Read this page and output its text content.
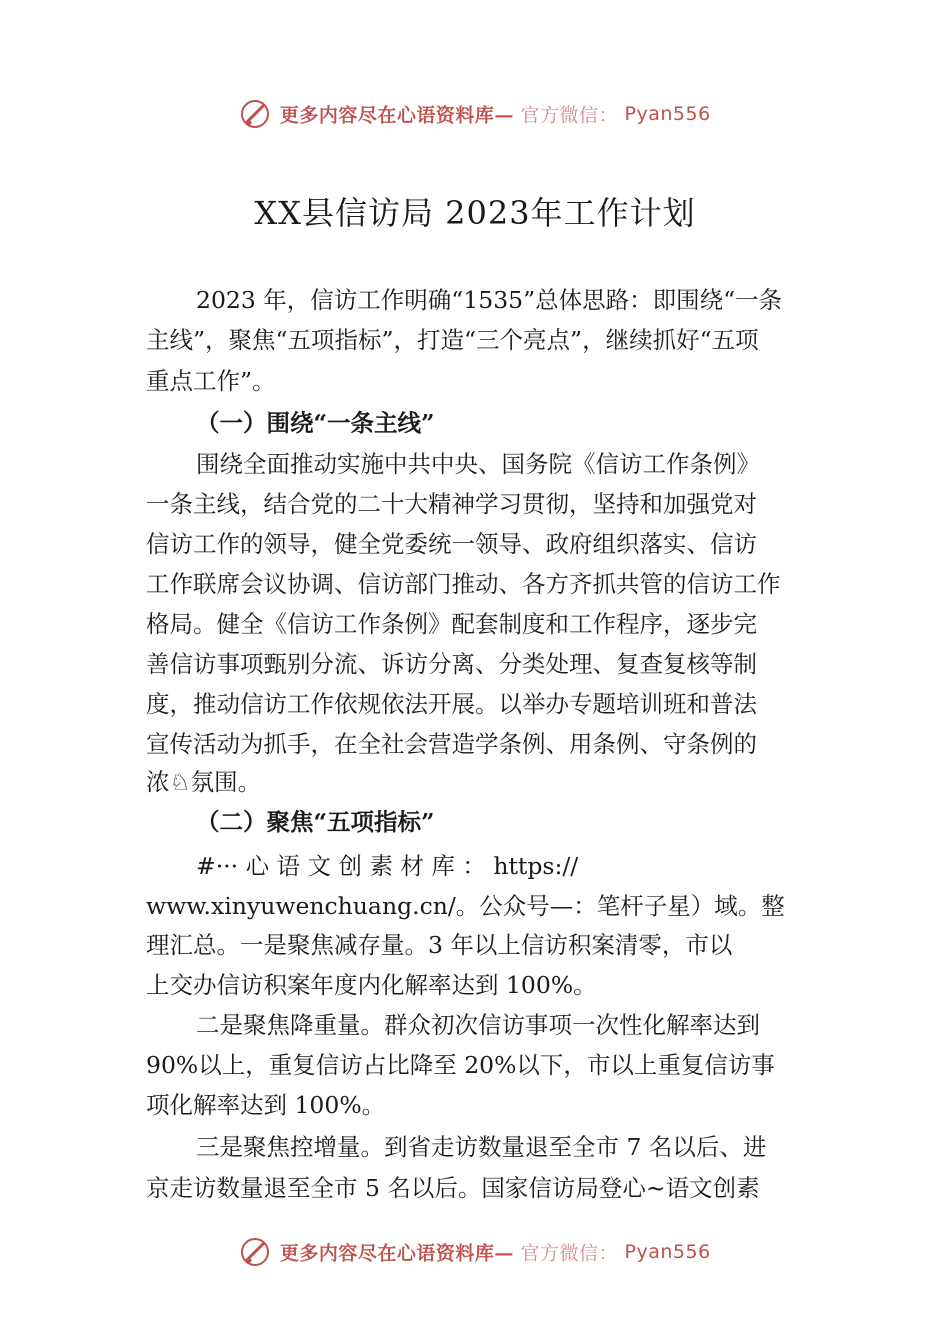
更多内容尽在心语资料库— 官方微信： Pyan556
XX县信访局 2023年工作计划
2023 年，信访工作明确“1535”总体思路：即围绕“一条
主线”，聚焦“五项指标”，打造“三个亮点”，继续抓好“五项
重点工作”。
（一）围绕“一条主线”
围绕全面推动实施中共中央、国务院《信访工作条例》
一条主线，结合党的二十大精神学习贯彻，坚持和加强党对
信访工作的领导，健全党委统一领导、政府组织落实、信访
工作联席会议协调、信访部门推动、各方齐抓共管的信访工作
格局。健全《信访工作条例》配套制度和工作程序，逐步完
善信访事项甄别分流、诉访分离、分类处理、复查复核等制
度，推动信访工作依规依法开展。以举办专题培训班和普法
宣传活动为抓手，在全社会营造学条例、用条例、守条例的
浓♘氛围。
（二）聚焦“五项指标”
#··· 心 语 文 创 素 材 库 ： https://
www.xinyuwenchuang.cn/。公众号—：笔杆子星）域。整
理汇总。一是聚焦减存量。3 年以上信访积案清零，市以
上交办信访积案年度内化解率达到 100%。
二是聚焦降重量。群众初次信访事项一次性化解率达到
90%以上，重复信访占比降至 20%以下，市以上重复信访事
项化解率达到 100%。
三是聚焦控增量。到省走访数量退至全市 7 名以后、进
京走访数量退至全市 5 名以后。国家信访局登心~语文创素
更多内容尽在心语资料库— 官方微信： Pyan556
